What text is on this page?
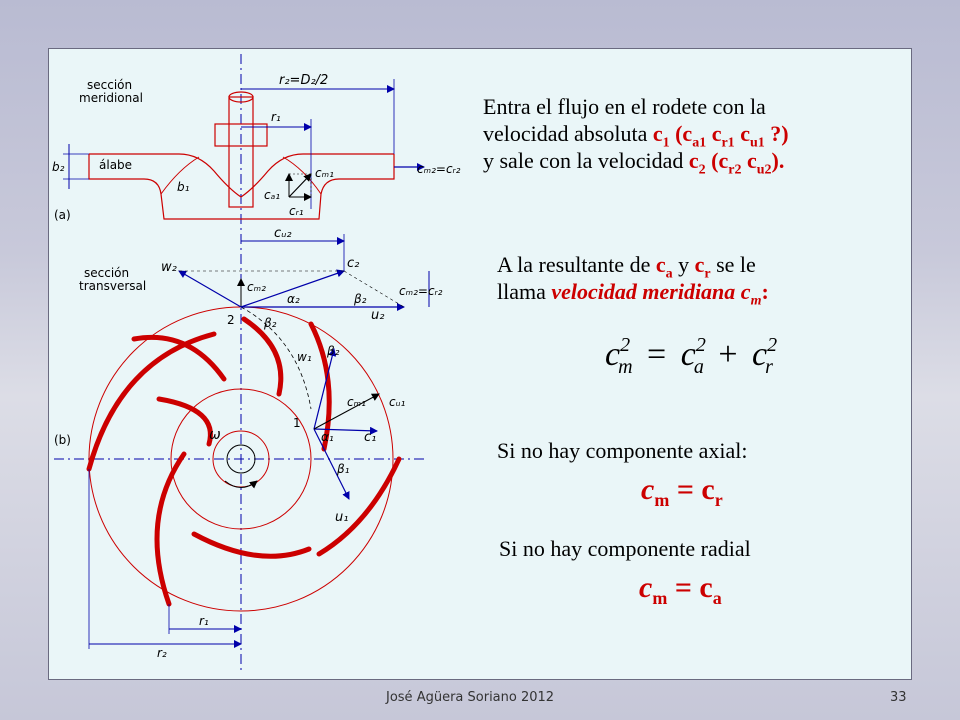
sección
meridional
álabe
(a)
r₂=D₂/2
r₁
b₂
b₁
cₘ₂=cᵣ₂
cₘ₁
cₐ₁
cᵣ₁
sección
transversal
(b)
cᵤ₂
c₂
w₂
cₘ₂
α₂	β₂
cₘ₂=cᵣ₂
u₂
2 β₂
β₂
w₁
cₘ₁ cᵤ₁
α₁ c₁
1
ω
β₁
u₁
r₁
r₂
Entra el flujo en el rodete con la
velocidad absoluta $c_1$ ($c_{a1}$ $c_{r1}$ $c_{u1}$ ?)
y sale con la velocidad $c_2$ ($c_{r2}$ $c_{u2}$).
A la resultante de $c_a$ y $c_r$ se le
llama velocidad meridiana $c_m$:
$c^2_m = c^2_a + c^2_r$
Si no hay componente axial:
$c_m = c_r$
Si no hay componente radial
$c_m = c_a$
José Agüera Soriano 2012	33
